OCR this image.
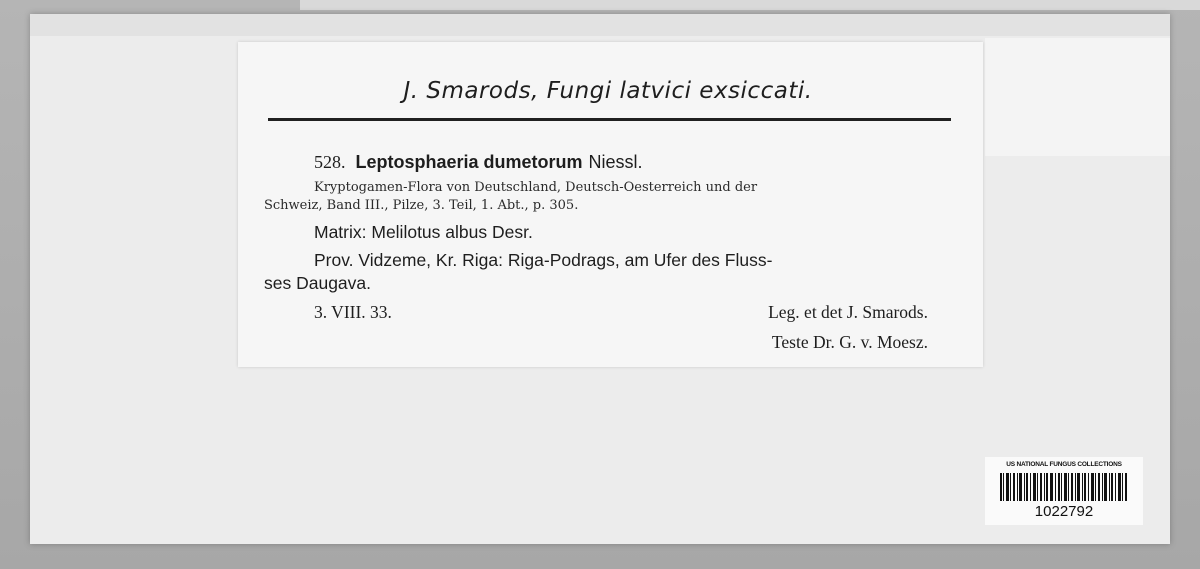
J. Smarods, Fungi latvici exsiccati.
528. Leptosphaeria dumetorum Niessl.
Kryptogamen-Flora von Deutschland, Deutsch-Oesterreich und der
Schweiz, Band III., Pilze, 3. Teil, 1. Abt., p. 305.
Matrix: Melilotus albus Desr.
Prov. Vidzeme, Kr. Riga: Riga-Podrags, am Ufer des Fluss-
ses Daugava.
3. VIII. 33.	Leg. et det J. Smarods.
Teste Dr. G. v. Moesz.
US NATIONAL FUNGUS COLLECTIONS
1022792
